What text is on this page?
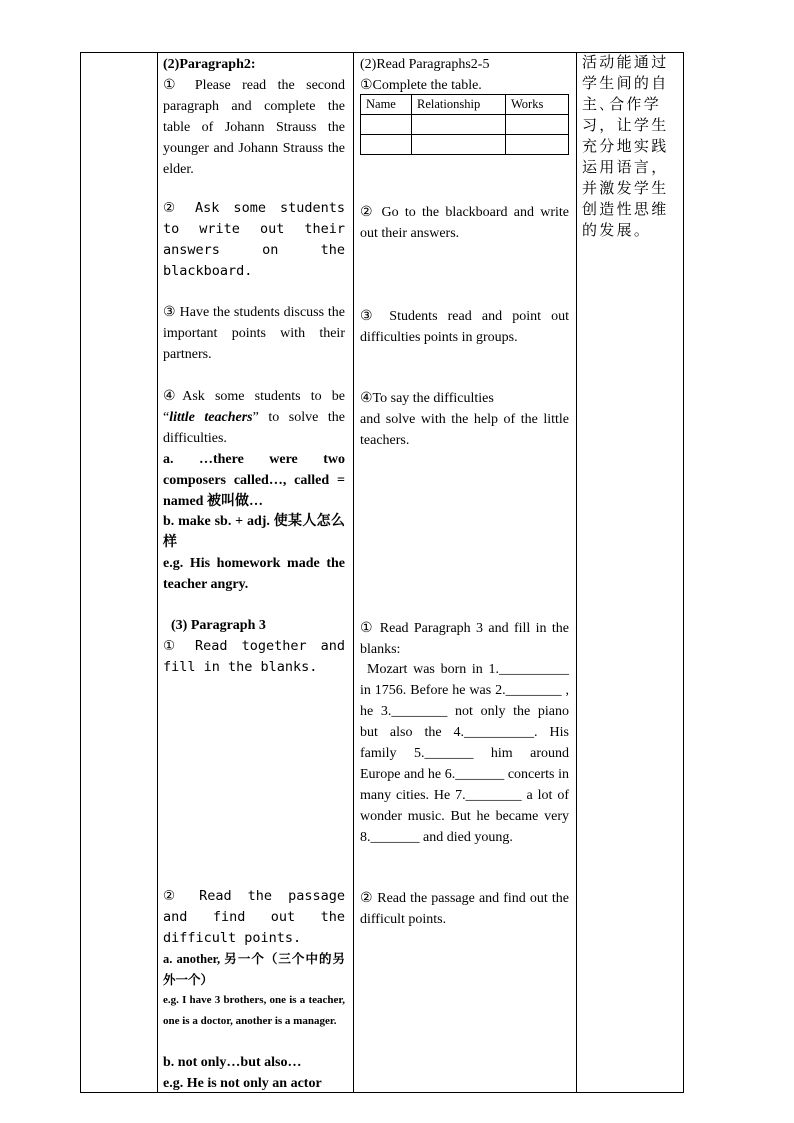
(2)Paragraph2:

① Please read the second paragraph and complete the table of Johann Strauss the younger and Johann Strauss the elder.

② Ask some students to write out their answers on the blackboard.

③ Have the students discuss the important points with their partners.

④Ask some students to be “little teachers” to solve the difficulties.

a. …there were two composers called…, called = named 被叫做…

b. make sb. + adj. 使某人怎么样

e.g. His homework made the teacher angry.

(3) Paragraph 3

① Read together and fill in the blanks.

② Read the passage and find out the difficult points.

a. another, 另一个（三个中的另外一个）

e.g. I have 3 brothers, one is a teacher, one is a doctor, another is a manager.

b. not only…but also…

e.g. He is not only an actor

(2)Read Paragraphs2-5

①Complete the table.

Name	Relationship	Works

② Go to the blackboard and write out their answers.

③ Students read and point out difficulties points in groups.

④To say the difficulties

and solve with the help of the little teachers.

① Read Paragraph 3 and fill in the blanks:

Mozart was born in 1.__________ in 1756. Before he was 2.________ , he 3.________ not only the piano but also the 4.__________. His family 5._______ him around Europe and he 6._______ concerts in many cities. He 7.________ a lot of wonder music. But he became very 8._______ and died young.

② Read the passage and find out the difficult points.

活动能通过学生间的自主､合作学习，让学生充分地实践运用语言，并激发学生创造性思维的发展。
